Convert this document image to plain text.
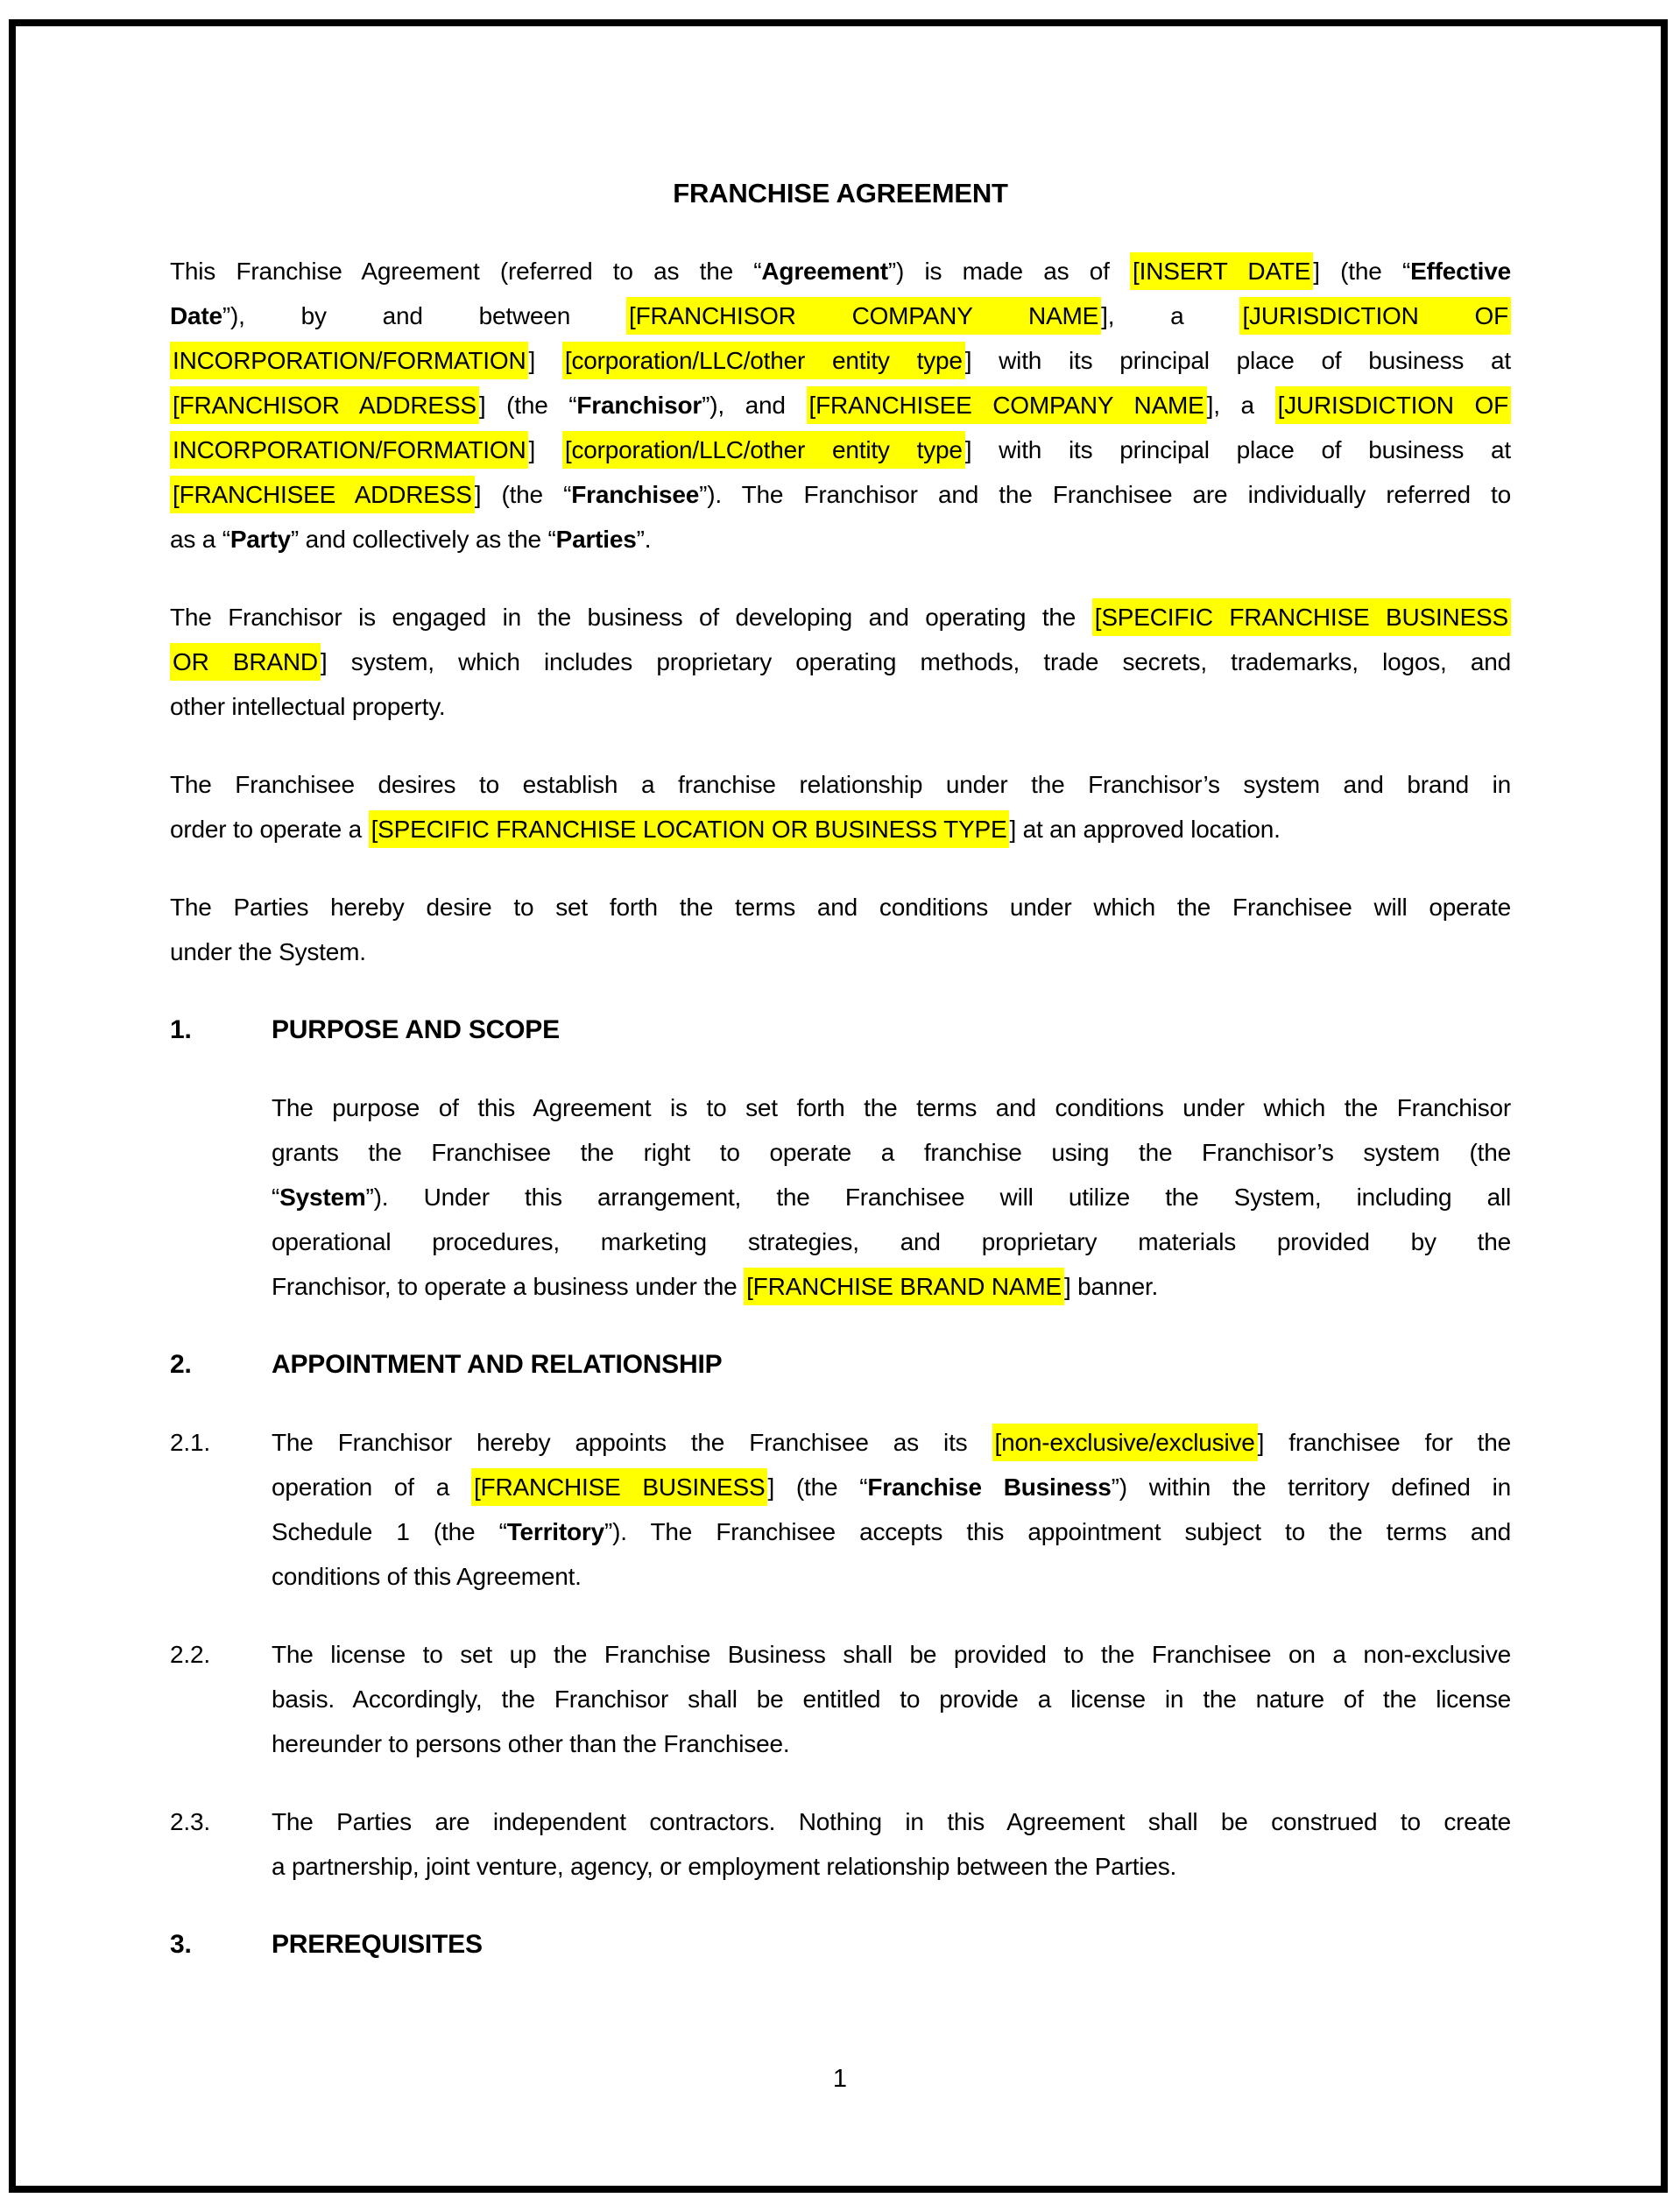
FRANCHISE AGREEMENT
This Franchise Agreement (referred to as the “Agreement”) is made as of [INSERT DATE ] (the “Effective
Date”), by and between [FRANCHISOR COMPANY NAME ], a [JURISDICTION OF
INCORPORATION/FORMATION ] [corporation/LLC/other entity type ] with its principal place of business at
[FRANCHISOR ADDRESS ] (the “Franchisor”), and [FRANCHISEE COMPANY NAME ], a [JURISDICTION OF
INCORPORATION/FORMATION ] [corporation/LLC/other entity type ] with its principal place of business at
[FRANCHISEE ADDRESS ] (the “Franchisee”). The Franchisor and the Franchisee are individually referred to
as a “Party” and collectively as the “Parties”.
The Franchisor is engaged in the business of developing and operating the [SPECIFIC FRANCHISE BUSINESS
OR BRAND ] system, which includes proprietary operating methods, trade secrets, trademarks, logos, and
other intellectual property.
The Franchisee desires to establish a franchise relationship under the Franchisor’s system and brand in
order to operate a [SPECIFIC FRANCHISE LOCATION OR BUSINESS TYPE ] at an approved location.
The Parties hereby desire to set forth the terms and conditions under which the Franchisee will operate
under the System.
1.	PURPOSE AND SCOPE
The purpose of this Agreement is to set forth the terms and conditions under which the Franchisor
grants the Franchisee the right to operate a franchise using the Franchisor’s system (the
“System”). Under this arrangement, the Franchisee will utilize the System, including all
operational procedures, marketing strategies, and proprietary materials provided by the
Franchisor, to operate a business under the [FRANCHISE BRAND NAME ] banner.
2.	APPOINTMENT AND RELATIONSHIP
2.1.	The Franchisor hereby appoints the Franchisee as its [non-exclusive/exclusive ] franchisee for the
operation of a [FRANCHISE BUSINESS ] (the “Franchise Business”) within the territory defined in
Schedule 1 (the “Territory”). The Franchisee accepts this appointment subject to the terms and
conditions of this Agreement.
2.2.	The license to set up the Franchise Business shall be provided to the Franchisee on a non-exclusive
basis. Accordingly, the Franchisor shall be entitled to provide a license in the nature of the license
hereunder to persons other than the Franchisee.
2.3.	The Parties are independent contractors. Nothing in this Agreement shall be construed to create
a partnership, joint venture, agency, or employment relationship between the Parties.
3.	PREREQUISITES
1
